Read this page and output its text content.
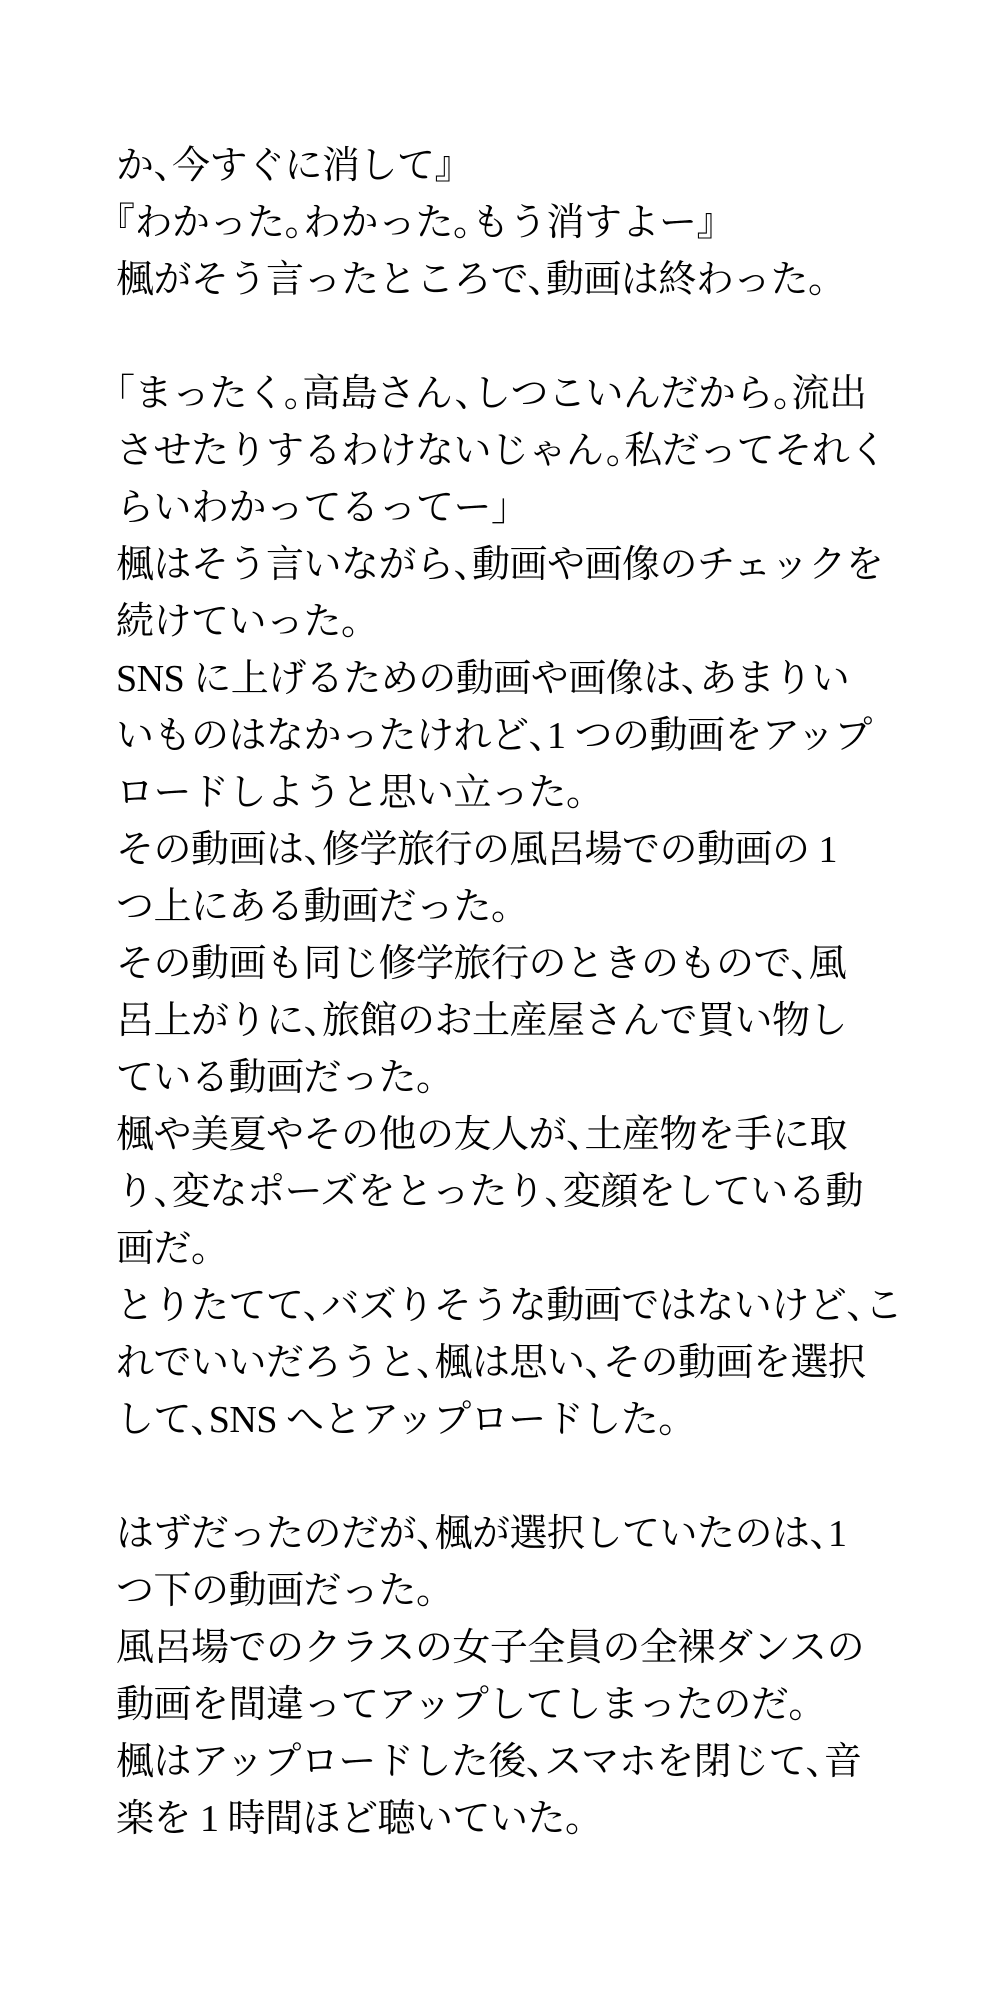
か、今すぐに消して』
『わかった。わかった。もう消すよー』
楓がそう言ったところで、動画は終わった。
「まったく。高島さん、しつこいんだから。流出
させたりするわけないじゃん。私だってそれく
らいわかってるってー」
楓はそう言いながら、動画や画像のチェックを
続けていった。
SNS に上げるための動画や画像は、あまりい
いものはなかったけれど、1 つの動画をアップ
ロードしようと思い立った。
その動画は、修学旅行の風呂場での動画の 1
つ上にある動画だった。
その動画も同じ修学旅行のときのもので、風
呂上がりに、旅館のお土産屋さんで買い物し
ている動画だった。
楓や美夏やその他の友人が、土産物を手に取
り、変なポーズをとったり、変顔をしている動
画だ。
とりたてて、バズりそうな動画ではないけど、こ
れでいいだろうと、楓は思い、その動画を選択
して、SNS へとアップロードした。
はずだったのだが、楓が選択していたのは、1
つ下の動画だった。
風呂場でのクラスの女子全員の全裸ダンスの
動画を間違ってアップしてしまったのだ。
楓はアップロードした後、スマホを閉じて、音
楽を 1 時間ほど聴いていた。
